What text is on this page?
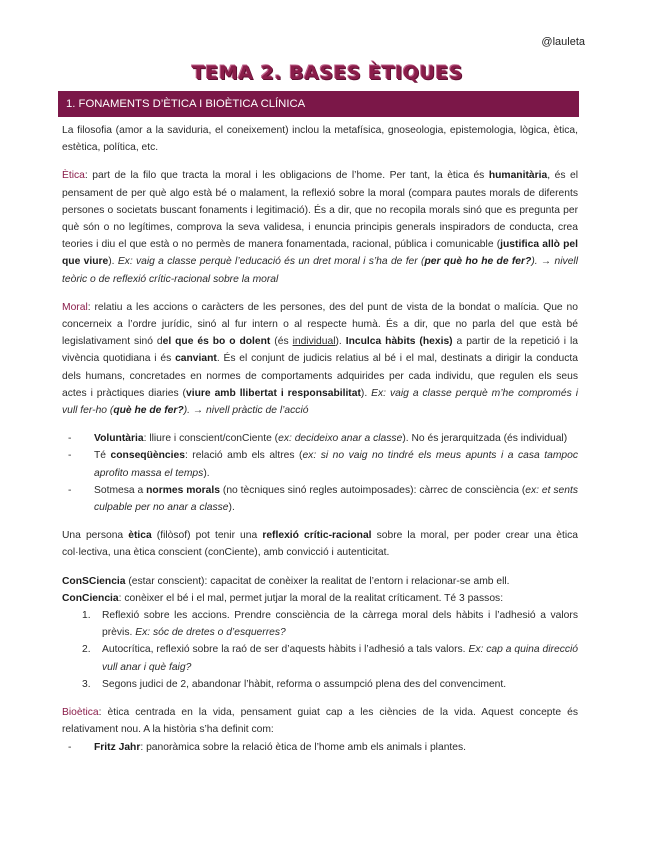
@lauleta
TEMA 2. BASES ÈTIQUES
1. FONAMENTS D’ÈTICA I BIOÈTICA CLÍNICA

La filosofia (amor a la saviduria, el coneixement) inclou la metafísica, gnoseologia, epistemologia, lògica, ètica, estètica, política, etc.

Ètica: part de la filo que tracta la moral i les obligacions de l’home. Per tant, la ètica és humanitària, és el pensament de per què algo està bé o malament, la reflexió sobre la moral (compara pautes morals de diferents persones o societats buscant fonaments i legitimació). És a dir, que no recopila morals sinó que es pregunta per què són o no legítimes, comprova la seva validesa, i enuncia principis generals inspiradors de conducta, crea teories i diu el que està o no permès de manera fonamentada, racional, pública i comunicable (justifica allò pel que viure). Ex: vaig a classe perquè l’educació és un dret moral i s’ha de fer (per què ho he de fer?). → nivell teòric o de reflexió crític-racional sobre la moral

Moral: relatiu a les accions o caràcters de les persones, des del punt de vista de la bondat o malícia. Que no concerneix a l’ordre jurídic, sinó al fur intern o al respecte humà. És a dir, que no parla del que està bé legislativament sinó del que és bo o dolent (és individual). Inculca hàbits (hexis) a partir de la repetició i la vivència quotidiana i és canviant. És el conjunt de judicis relatius al bé i el mal, destinats a dirigir la conducta dels humans, concretades en normes de comportaments adquirides per cada individu, que regulen els seus actes i pràctiques diaries (viure amb llibertat i responsabilitat). Ex: vaig a classe perquè m’he compromés i vull fer-ho (què he de fer?). → nivell pràctic de l’acció

- Voluntària: lliure i conscient/conCiente (ex: decideixo anar a classe). No és jerarquitzada (és individual)
- Té conseqüències: relació amb els altres (ex: si no vaig no tindré els meus apunts i a casa tampoc aprofito massa el temps).
- Sotmesa a normes morals (no tècniques sinó regles autoimposades): càrrec de consciència (ex: et sents culpable per no anar a classe).

Una persona ètica (filòsof) pot tenir una reflexió crític-racional sobre la moral, per poder crear una ètica col·lectiva, una ètica conscient (conCiente), amb convicció i autenticitat.

ConSCiencia (estar conscient): capacitat de conèixer la realitat de l’entorn i relacionar-se amb ell.

ConCiencia: conèixer el bé i el mal, permet jutjar la moral de la realitat críticament. Té 3 passos:

1. Reflexió sobre les accions. Prendre consciència de la càrrega moral dels hàbits i l’adhesió a valors prèvis. Ex: sóc de dretes o d’esquerres?
2. Autocrítica, reflexió sobre la raó de ser d’aquests hàbits i l’adhesió a tals valors. Ex: cap a quina direcció vull anar i què faig?
3. Segons judici de 2, abandonar l’hàbit, reforma o assumpció plena des del convenciment.

Bioètica: ètica centrada en la vida, pensament guiat cap a les ciències de la vida. Aquest concepte és relativament nou. A la història s’ha definit com:

- Fritz Jahr: panoràmica sobre la relació ètica de l’home amb els animals i plantes.
